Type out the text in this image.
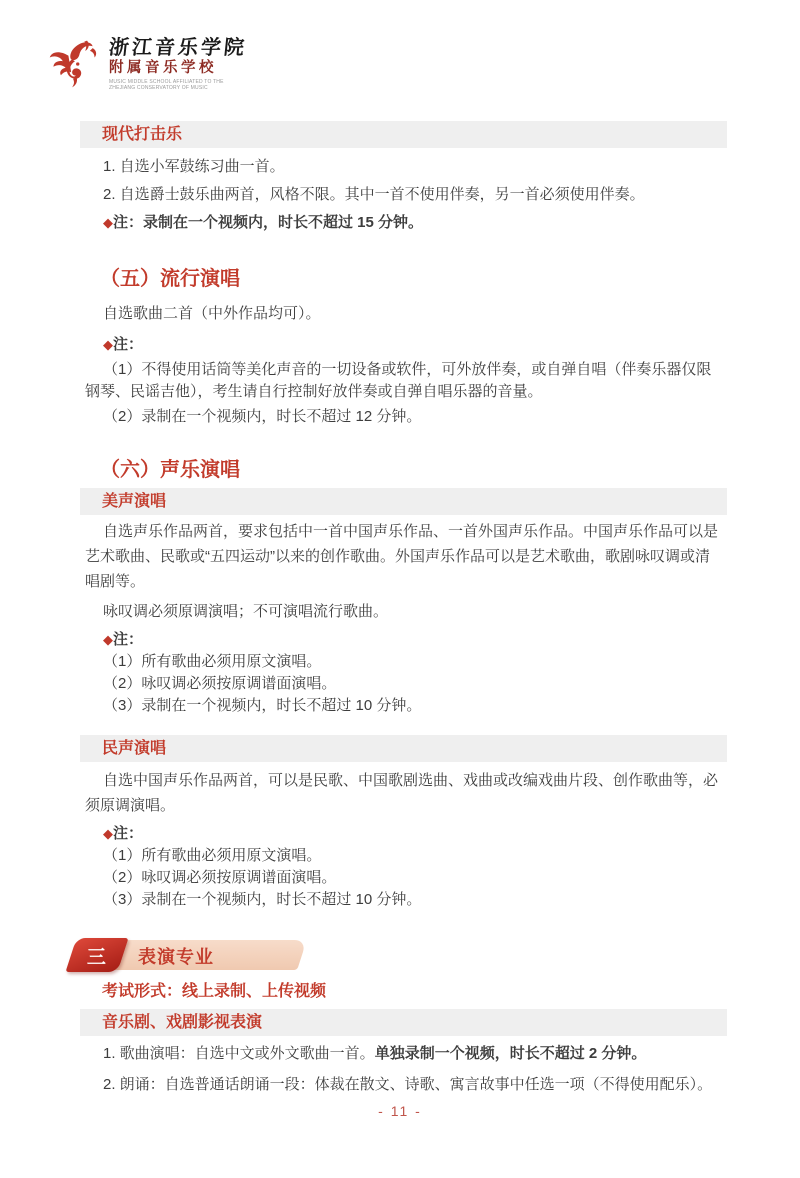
浙江音乐学院
附属音乐学校
MUSIC MIDDLE SCHOOL AFFILIATED TO THE
ZHEJIANG CONSERVATORY OF MUSIC
现代打击乐

1. 自选小军鼓练习曲一首。

2. 自选爵士鼓乐曲两首，风格不限。其中一首不使用伴奏，另一首必须使用伴奏。

◆注：录制在一个视频内，时长不超过 15 分钟。

（五）流行演唱

自选歌曲二首（中外作品均可）。

◆注：

（1）不得使用话筒等美化声音的一切设备或软件，可外放伴奏，或自弹自唱（伴奏乐器仅限钢琴、民谣吉他），考生请自行控制好放伴奏或自弹自唱乐器的音量。

（2）录制在一个视频内，时长不超过 12 分钟。

（六）声乐演唱
美声演唱

自选声乐作品两首，要求包括中一首中国声乐作品、一首外国声乐作品。中国声乐作品可以是艺术歌曲、民歌或“五四运动”以来的创作歌曲。外国声乐作品可以是艺术歌曲，歌剧咏叹调或清唱剧等。

咏叹调必须原调演唱；不可演唱流行歌曲。

◆注：

（1）所有歌曲必须用原文演唱。

（2）咏叹调必须按原调谱面演唱。

（3）录制在一个视频内，时长不超过 10 分钟。

民声演唱

自选中国声乐作品两首，可以是民歌、中国歌剧选曲、戏曲或改编戏曲片段、创作歌曲等，必须原调演唱。

◆注：

（1）所有歌曲必须用原文演唱。

（2）咏叹调必须按原调谱面演唱。

（3）录制在一个视频内，时长不超过 10 分钟。

三 表演专业
考试形式：线上录制、上传视频
音乐剧、戏剧影视表演

1. 歌曲演唱：自选中文或外文歌曲一首。单独录制一个视频，时长不超过 2 分钟。

2. 朗诵：自选普通话朗诵一段：体裁在散文、诗歌、寓言故事中任选一项（不得使用配乐）。

- 11 -
